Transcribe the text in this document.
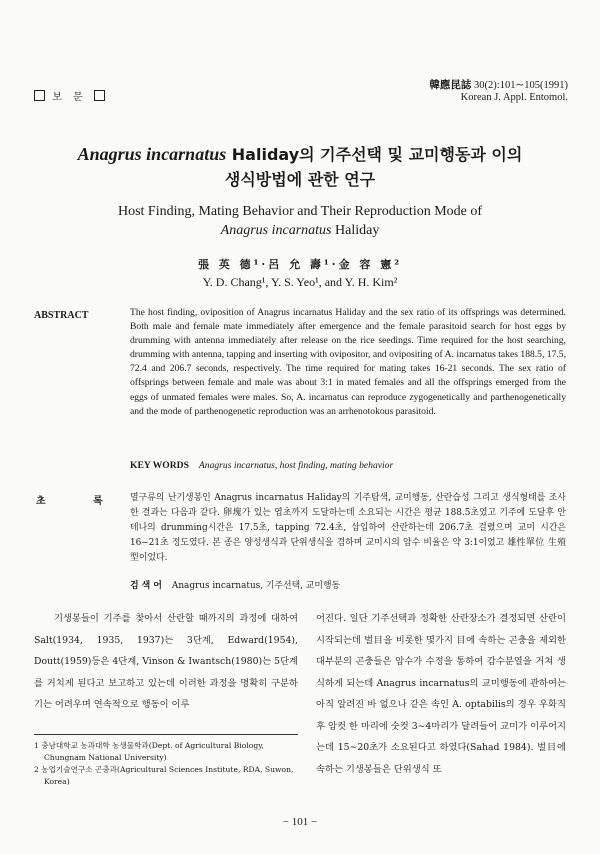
보 문
韓應昆誌 30(2):101∼105(1991)
Korean J. Appl. Entomol.
Anagrus incarnatus Haliday의 기주선택 및 교미행동과 이의
생식방법에 관한 연구
Host Finding, Mating Behavior and Their Reproduction Mode of
Anagrus incarnatus Haliday
張 英 德¹·呂 允 壽¹·金 容 憲²
Y. D. Chang¹, Y. S. Yeo¹, and Y. H. Kim²
ABSTRACT	The host finding, oviposition of Anagrus incarnatus Haliday and the sex ratio of its offsprings was determined. Both male and female mate immediately after emergence and the female parasitoid search for host eggs by drumming with antenna immediately after release on the rice seedings. Time required for the host searching, drumming with antenna, tapping and inserting with ovipositor, and ovipositing of A. incarnatus takes 188.5, 17.5, 72.4 and 206.7 seconds, respectively. The time required for mating takes 16-21 seconds. The sex ratio of offsprings between female and male was about 3:1 in mated females and all the offsprings emerged from the eggs of unmated females were males. So, A. incarnatus can reproduce zygogenetically and parthenogenetically and the mode of parthenogenetic reproduction was an arrhenotokous parasitoid.
KEY WORDS Anagrus incarnatus, host finding, mating behavior
초 록 멸구류의 난기생봉인 Anagrus incarnatus Haliday의 기주탐색, 교미행동, 산란습성 그리고 생식형태를 조사한 결과는 다음과 같다. 卵塊가 있는 엽초까지 도달하는데 소요되는 시간은 평균 188.5초였고 기주에 도달후 안테나의 drumming시간은 17.5초, tapping 72.4초, 삽입하여 산란하는데 206.7초 걸렸으며 교미 시간은 16∼21초 정도였다. 본 종은 양성생식과 단위생식을 겸하며 교미시의 암수 비율은 약 3:1이었고 雄性單位 生殖型이었다.
검 색 어 Anagrus incarnatus, 기주선택, 교미행동
기생봉들이 기주를 찾아서 산란할 때까지의 과정에 대하여 Salt(1934, 1935, 1937)는 3단계, Edward(1954), Doutt(1959)등은 4단계, Vinson & Iwantsch(1980)는 5단계를 거치게 된다고 보고하고 있는데 이러한 과정을 명확히 구분하기는 어려우며 연속적으로 행동이 이루
어진다. 일단 기주선택과 정확한 산란장소가 결정되면 산란이 시작되는데 벌目을 비롯한 몇가지 目에 속하는 곤충을 제외한 대부분의 곤충들은 암수가 수정을 통하여 감수분열을 거쳐 생식하게 되는데 Anagrus incarnatus의 교미행동에 관하여는 아직 알려진 바 없으나 같은 속인 A. optabilis의 경우 우화직후 암컷 한 마리에 숫컷 3∼4마리가 달려들어 교미가 이루어지는데 15∼20초가 소요된다고 하였다(Sahad 1984). 벌目에 속하는 기생봉들은 단위생식 또

1 충남대학교 농과대학 농생물학과(Dept. of Agricultural Biology, Chungnam National University)

2 농업기술연구소 곤충과(Agricultural Sciences Institute, RDA, Suwon, Korea)

− 101 −
